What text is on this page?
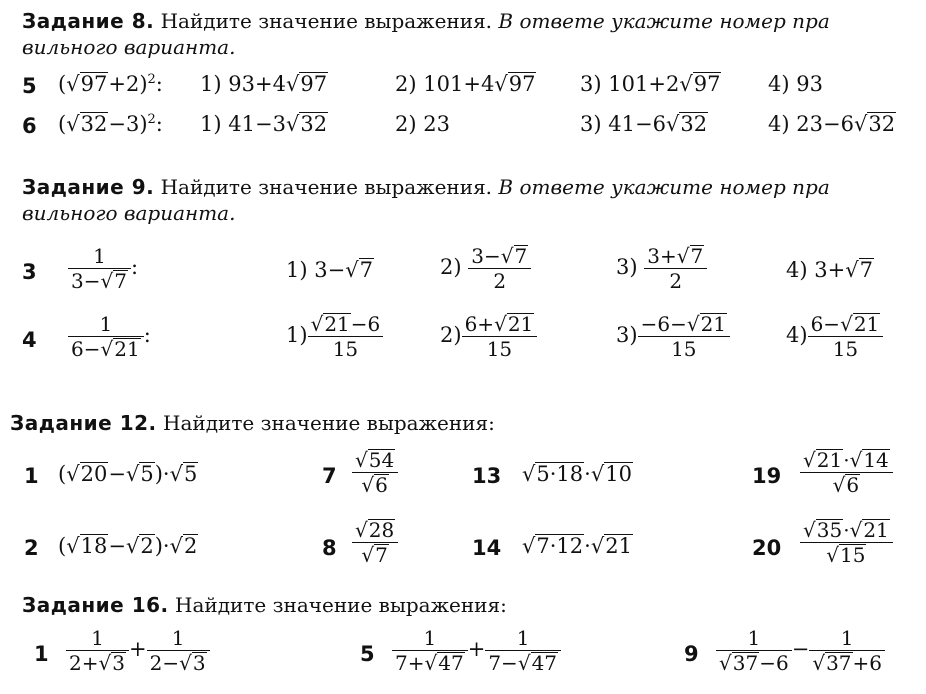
Задание 8. Найдите значение выражения. В ответе укажите номер пра
вильного варианта.
5 $(√97+2)^2$: 1) 93+4√97	2) 101+4√97 3) 101+2√97 4) 93
6 $(√32-3)^2$: 1) 41−3√32	2) 23	3) 41−6√32	4) 23−6√32
Задание 9. Найдите значение выражения. В ответе укажите номер пра
вильного варианта.
$3 \frac{1}{3-√7}$ :	1) 3−√7	$2) \frac{3-√7}{2}$	$3) \frac{3+√7}{2}$	4) 3+√7
$4 \frac{1}{6-√21}$ :	$1) \frac{√21-6}{15}$	$2) \frac{6+√21}{15}$	$3) \frac{-6-√21}{15}$	$4) \frac{6-√21}{15}$
Задание 12. Найдите значение выражения:
1 (√20−√5)·√5	$7 \frac{√54}{√6}$	13 √5·18·√10	$19 \frac{√21\cdot√14}{√6}$
2 (√18−√2)·√2	$8 \frac{√28}{√7}$	14 √7·12·√21	$20 \frac{√35\cdot√21}{√15}$
Задание 16. Найдите значение выражения:
$1 \frac{1}{2+√3} + \frac{1}{2-√3}$	$5 \frac{1}{7+√47} + \frac{1}{7-√47}$	$9 \frac{1}{√37-6} - \frac{1}{√37+6}$
